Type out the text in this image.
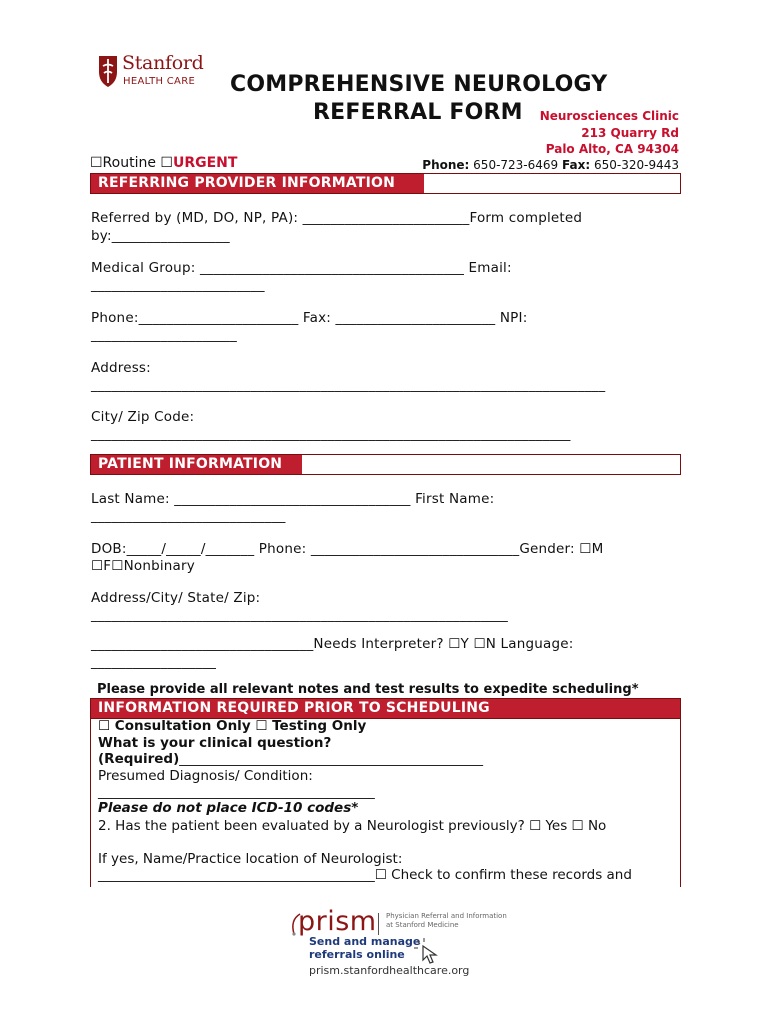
Stanford
HEALTH CARE COMPREHENSIVE NEUROLOGY
REFERRAL FORM Neurosciences Clinic
213 Quarry Rd
Palo Alto, CA 94304
Phone: 650-723-6469 Fax: 650-320-9443
☐Routine ☐URGENT
REFERRING PROVIDER INFORMATION
Referred by (MD, DO, NP, PA): ________________________Form completed
by:_________________
Medical Group: ______________________________________ Email:
_________________________
Phone:_______________________ Fax: _______________________ NPI:
_____________________
Address:
__________________________________________________________________________
City/ Zip Code:
_____________________________________________________________________
PATIENT INFORMATION
Last Name: __________________________________ First Name:
____________________________
DOB:_____/_____/_______ Phone: ______________________________Gender: ☐M
☐F☐Nonbinary
Address/City/ State/ Zip:
____________________________________________________________
________________________________Needs Interpreter? ☐Y ☐N Language:
__________________
Please provide all relevant notes and test results to expedite scheduling*
INFORMATION REQUIRED PRIOR TO SCHEDULING
☐ Consultation Only ☐ Testing Only
What is your clinical question?
(Required)_____________________________________________
Presumed Diagnosis/ Condition:
_________________________________________
Please do not place ICD-10 codes*
2. Has the patient been evaluated by a Neurologist previously? ☐ Yes ☐ No
If yes, Name/Practice location of Neurologist:
_________________________________________☐ Check to confirm these records and
prism Physician Referral and Information
at Stanford Medicine
Send and manage
referrals online
prism.stanfordhealthcare.org
